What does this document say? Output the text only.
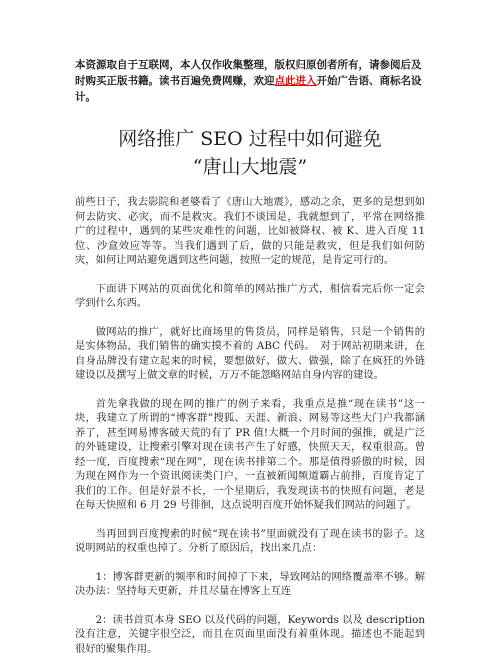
本资源取自于互联网，本人仅作收集整理，版权归原创者所有，请参阅后及时购买正版书籍。读书百遍免费网赚，欢迎点此进入开始广告语、商标名设计。

网络推广 SEO 过程中如何避免
“唐山大地震”

前些日子，我去影院和老婆看了《唐山大地震》，感动之余，更多的是想到如何去防灾、必灾，而不是救灾。我们不谈国是，我就想到了，平常在网络推广的过程中，遇到的某些灾难性的问题，比如被降权、被 K、进入百度 11 位、沙盒效应等等。当我们遇到了后，做的只能是救灾，但是我们如何防灾，如何让网站避免遇到这些问题，按照一定的规范，是肯定可行的。

下面讲下网站的页面优化和简单的网站推广方式，相信看完后你一定会学到什么东西。

做网站的推广，就好比商场里的售货员，同样是销售，只是一个销售的是实体物品，我们销售的确实摸不着的 ABC 代码。　对于网站初期来讲，在自身品牌没有建立起来的时候，要想做好、做大、做强，除了在疯狂的外链建设以及撰写上做文章的时候，万万不能忽略网站自身内容的建设。

首先拿我做的现在网的推广的例子来看，我重点是推“现在读书”这一块，我建立了所谓的“博客群”搜狐、天涯、新浪、网易等这些大门户我都涵养了，甚至网易博客破天荒的有了 PR 值!大概一个月时间的强推，就是广泛的外链建设，让搜索引擎对现在读书产生了好感，快照天天，权重很高。曾经一度，百度搜索“现在网”，现在读书排第二个。那是值得骄傲的时候，因为现在网作为一个资讯阅读类门户，一直被新闻频道霸占前排，百度肯定了我们的工作。但是好景不长，一个星期后，我发现读书的快照有问题，老是在每天快照和 6 月 29 号徘徊，这点说明百度开始怀疑我们网站的问题了。

当再回到百度搜索的时候“现在读书”里面就没有了现在读书的影子。这说明网站的权重也掉了。分析了原因后，找出来几点：

1：博客群更新的频率和时间掉了下来，导致网站的网络覆盖率不够。解决办法：坚持每天更新，并且尽量在博客上互连

2：读书首页本身 SEO 以及代码的问题，Keywords 以及 description 没有注意，关键字很空泛，而且在页面里面没有着重体现。描述也不能起到很好的聚集作用。
